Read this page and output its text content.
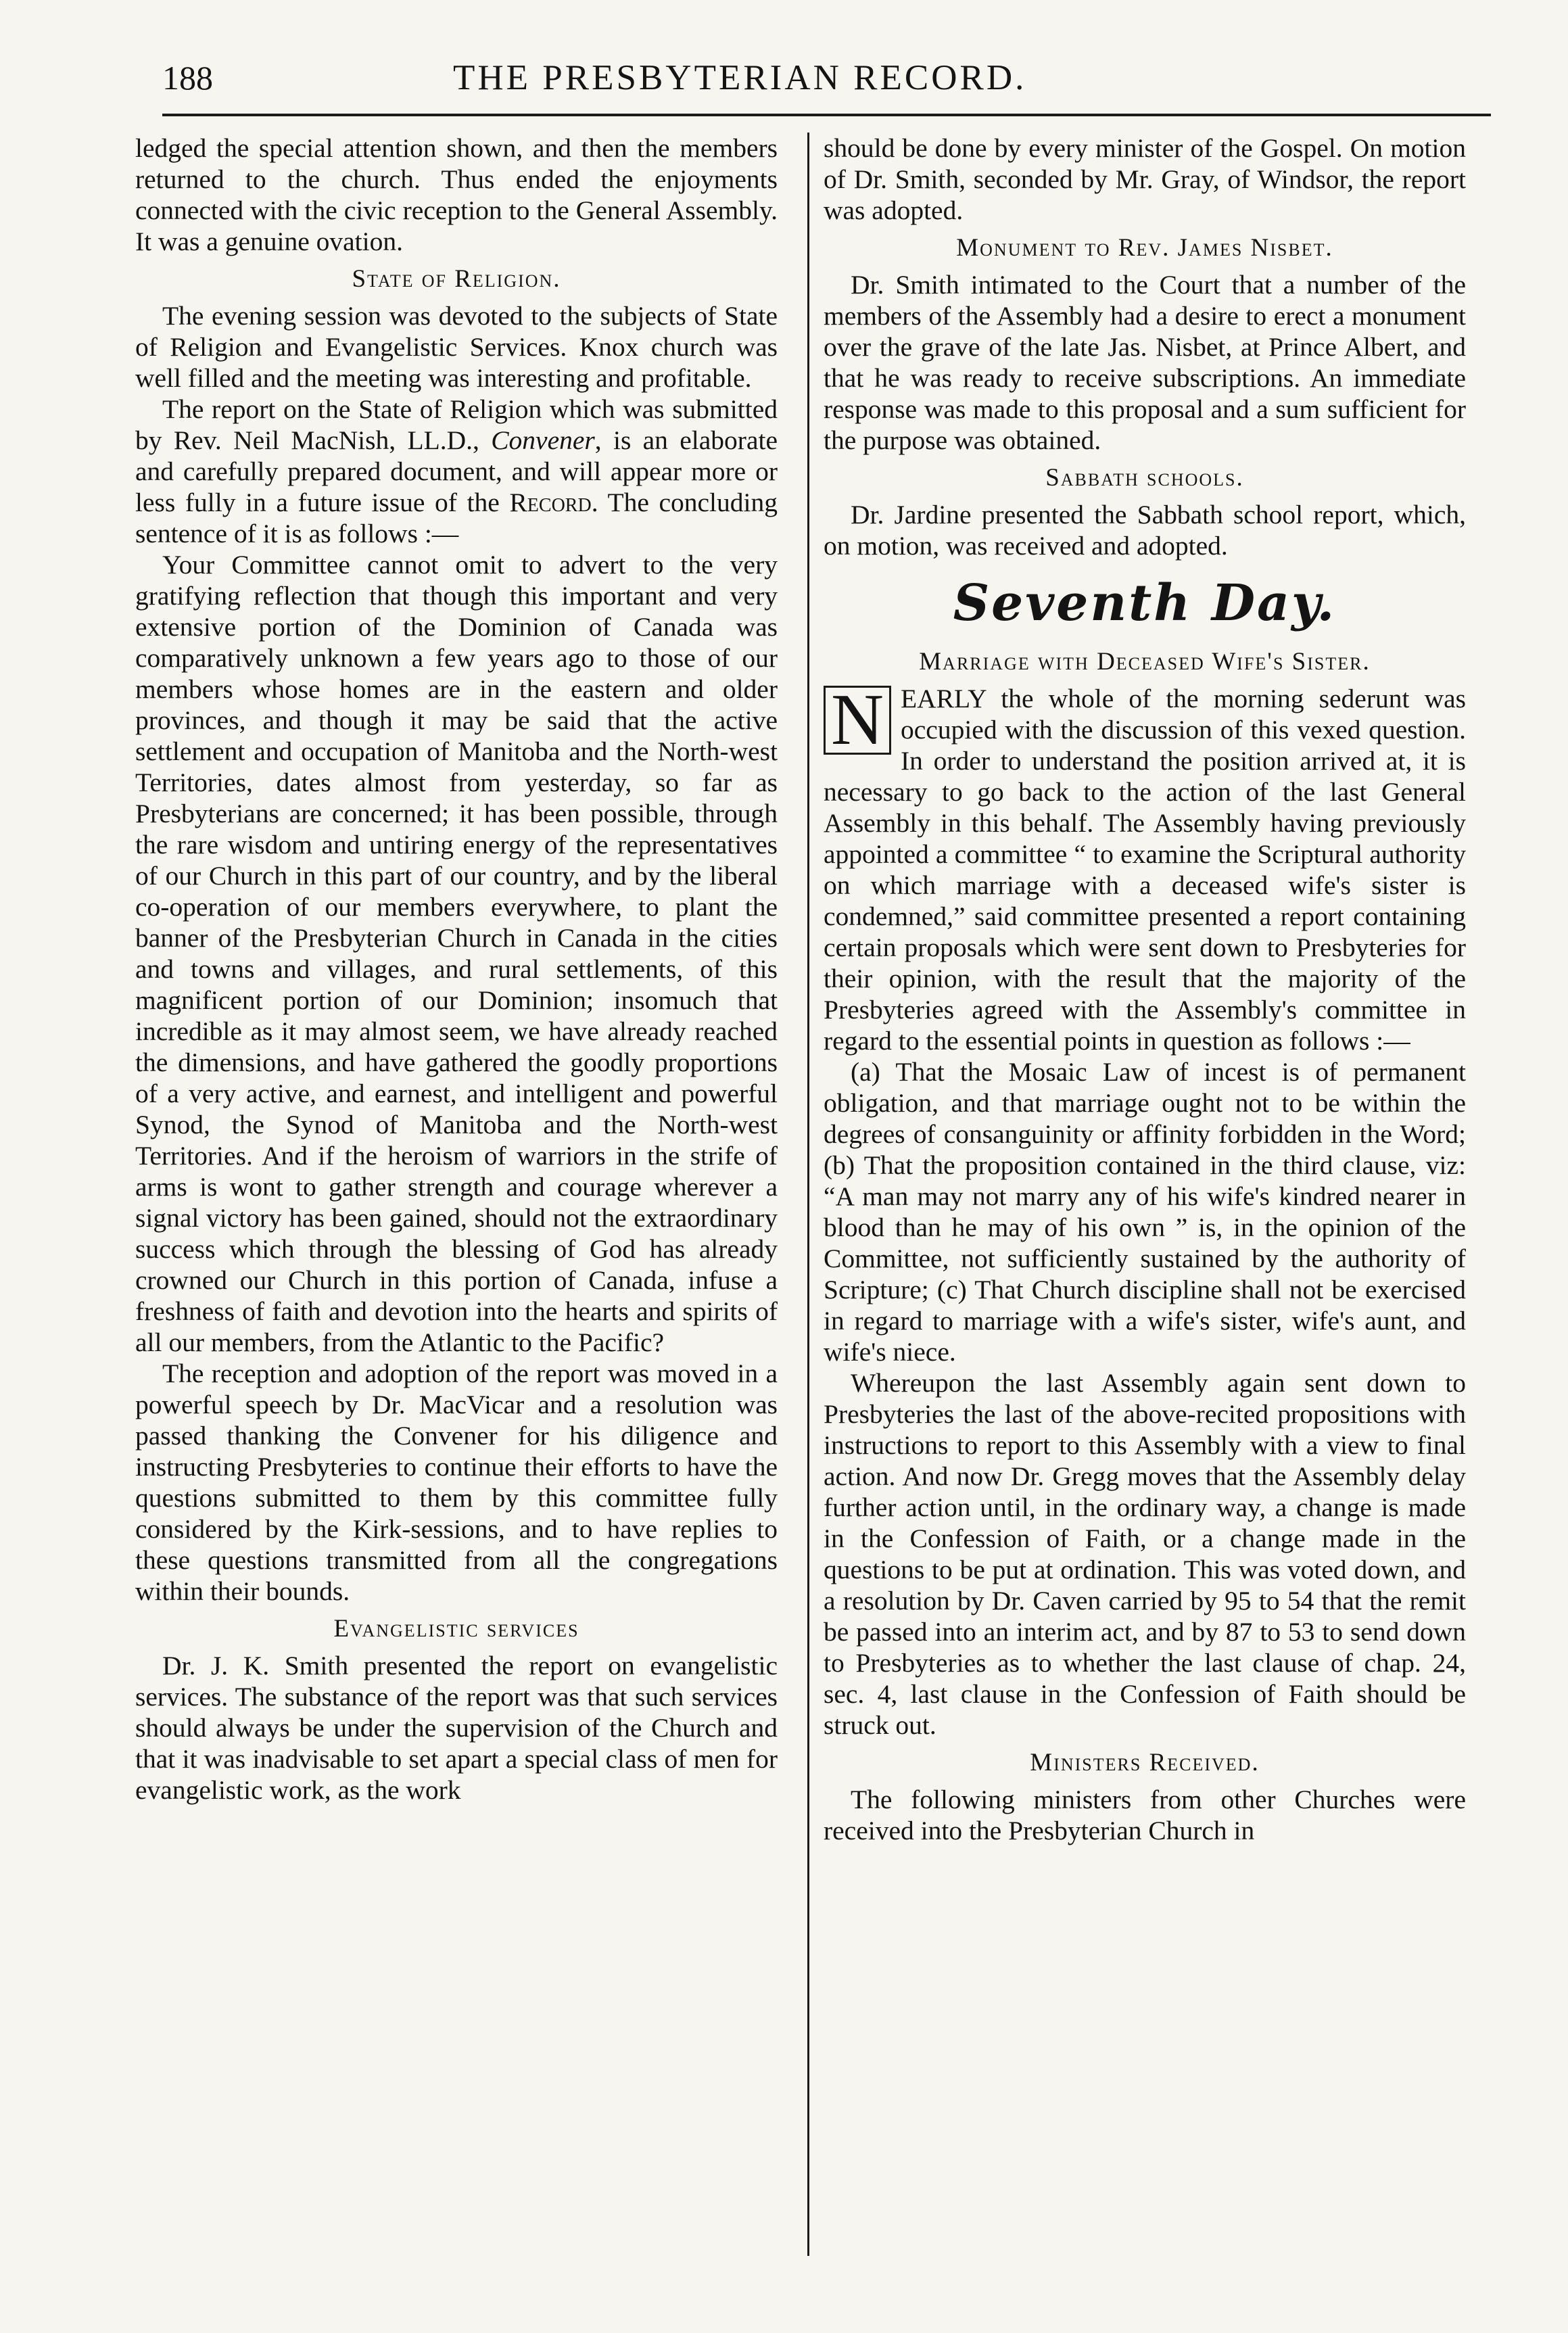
188	THE PRESBYTERIAN RECORD.

ledged the special attention shown, and then the members returned to the church. Thus ended the enjoyments connected with the civic reception to the General Assembly. It was a genuine ovation.

State of Religion.

The evening session was devoted to the subjects of State of Religion and Evangelistic Services. Knox church was well filled and the meeting was interesting and profitable.

The report on the State of Religion which was submitted by Rev. Neil MacNish, LL.D., Convener, is an elaborate and carefully prepared document, and will appear more or less fully in a future issue of the Record. The concluding sentence of it is as follows :—

Your Committee cannot omit to advert to the very gratifying reflection that though this important and very extensive portion of the Dominion of Canada was comparatively unknown a few years ago to those of our members whose homes are in the eastern and older provinces, and though it may be said that the active settlement and occupation of Manitoba and the North-west Territories, dates almost from yesterday, so far as Presbyterians are concerned; it has been possible, through the rare wisdom and untiring energy of the representatives of our Church in this part of our country, and by the liberal co-operation of our members everywhere, to plant the banner of the Presbyterian Church in Canada in the cities and towns and villages, and rural settlements, of this magnificent portion of our Dominion; insomuch that incredible as it may almost seem, we have already reached the dimensions, and have gathered the goodly proportions of a very active, and earnest, and intelligent and powerful Synod, the Synod of Manitoba and the North-west Territories. And if the heroism of warriors in the strife of arms is wont to gather strength and courage wherever a signal victory has been gained, should not the extraordinary success which through the blessing of God has already crowned our Church in this portion of Canada, infuse a freshness of faith and devotion into the hearts and spirits of all our members, from the Atlantic to the Pacific?

The reception and adoption of the report was moved in a powerful speech by Dr. MacVicar and a resolution was passed thanking the Convener for his diligence and instructing Presbyteries to continue their efforts to have the questions submitted to them by this committee fully considered by the Kirk-sessions, and to have replies to these questions transmitted from all the congregations within their bounds.

Evangelistic services

Dr. J. K. Smith presented the report on evangelistic services. The substance of the report was that such services should always be under the supervision of the Church and that it was inadvisable to set apart a special class of men for evangelistic work, as the work

should be done by every minister of the Gospel. On motion of Dr. Smith, seconded by Mr. Gray, of Windsor, the report was adopted.

Monument to Rev. James Nisbet.

Dr. Smith intimated to the Court that a number of the members of the Assembly had a desire to erect a monument over the grave of the late Jas. Nisbet, at Prince Albert, and that he was ready to receive subscriptions. An immediate response was made to this proposal and a sum sufficient for the purpose was obtained.

Sabbath schools.

Dr. Jardine presented the Sabbath school report, which, on motion, was received and adopted.

Seventh Day.
Marriage with Deceased Wife's Sister.

N EARLY the whole of the morning sederunt was occupied with the discussion of this vexed question. In order to understand the position arrived at, it is necessary to go back to the action of the last General Assembly in this behalf. The Assembly having previously appointed a committee “ to examine the Scriptural authority on which marriage with a deceased wife's sister is condemned,” said committee presented a report containing certain proposals which were sent down to Presbyteries for their opinion, with the result that the majority of the Presbyteries agreed with the Assembly's committee in regard to the essential points in question as follows :—

(a) That the Mosaic Law of incest is of permanent obligation, and that marriage ought not to be within the degrees of consanguinity or affinity forbidden in the Word; (b) That the proposition contained in the third clause, viz: “A man may not marry any of his wife's kindred nearer in blood than he may of his own ” is, in the opinion of the Committee, not sufficiently sustained by the authority of Scripture; (c) That Church discipline shall not be exercised in regard to marriage with a wife's sister, wife's aunt, and wife's niece.

Whereupon the last Assembly again sent down to Presbyteries the last of the above-recited propositions with instructions to report to this Assembly with a view to final action. And now Dr. Gregg moves that the Assembly delay further action until, in the ordinary way, a change is made in the Confession of Faith, or a change made in the questions to be put at ordination. This was voted down, and a resolution by Dr. Caven carried by 95 to 54 that the remit be passed into an interim act, and by 87 to 53 to send down to Presbyteries as to whether the last clause of chap. 24, sec. 4, last clause in the Confession of Faith should be struck out.

Ministers Received.

The following ministers from other Churches were received into the Presbyterian Church in
